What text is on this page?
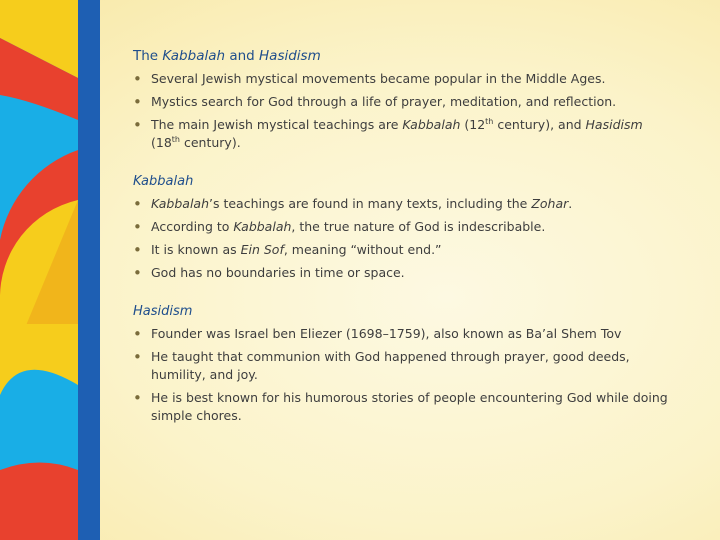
The Kabbalah and Hasidism
• Several Jewish mystical movements became popular in the Middle Ages.
• Mystics search for God through a life of prayer, meditation, and reflection.
• The main Jewish mystical teachings are Kabbalah (12th century), and Hasidism (18th century).
Kabbalah
• Kabbalah’s teachings are found in many texts, including the Zohar.
• According to Kabbalah, the true nature of God is indescribable.
• It is known as Ein Sof, meaning “without end.”
• God has no boundaries in time or space.
Hasidism
• Founder was Israel ben Eliezer (1698–1759), also known as Ba’al Shem Tov
• He taught that communion with God happened through prayer, good deeds, humility, and joy.
• He is best known for his humorous stories of people encountering God while doing simple chores.
